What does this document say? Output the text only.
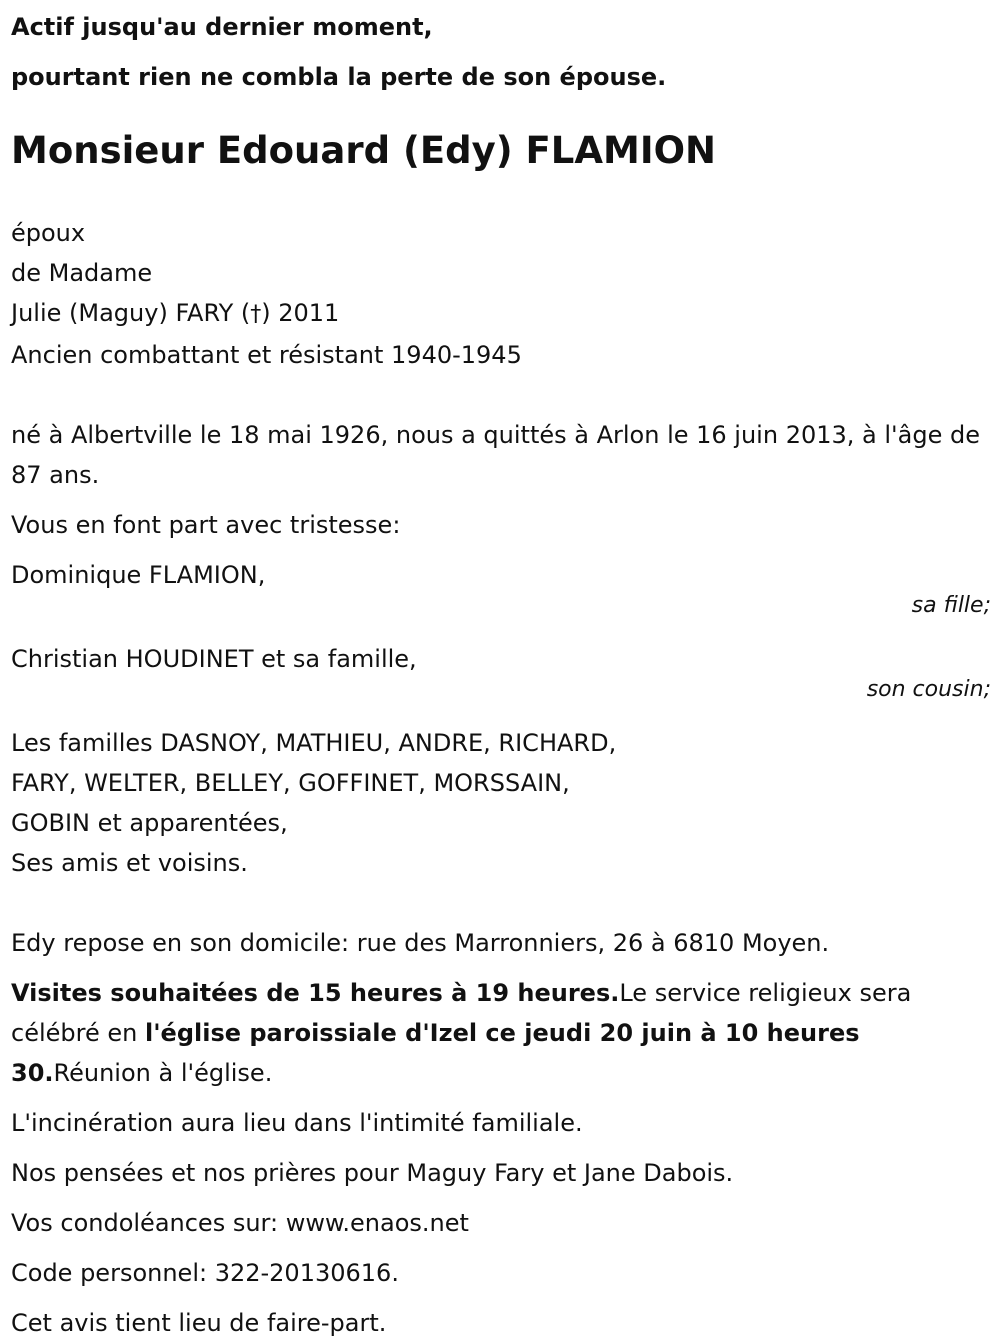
Actif jusqu'au dernier moment,

pourtant rien ne combla la perte de son épouse.

Monsieur Edouard (Edy) FLAMION

époux

de Madame

Julie (Maguy) FARY (†) 2011

Ancien combattant et résistant 1940-1945

né à Albertville le 18 mai 1926, nous a quittés à Arlon le 16 juin 2013, à l'âge de 87 ans.

Vous en font part avec tristesse:

Dominique FLAMION,

sa fille;

Christian HOUDINET et sa famille,

son cousin;

Les familles DASNOY, MATHIEU, ANDRE, RICHARD,

FARY, WELTER, BELLEY, GOFFINET, MORSSAIN,

GOBIN et apparentées,

Ses amis et voisins.

Edy repose en son domicile: rue des Marronniers, 26 à 6810 Moyen.

Visites souhaitées de 15 heures à 19 heures.Le service religieux sera célébré en l'église paroissiale d'Izel ce jeudi 20 juin à 10 heures 30.Réunion à l'église.

L'incinération aura lieu dans l'intimité familiale.

Nos pensées et nos prières pour Maguy Fary et Jane Dabois.

Vos condoléances sur: www.enaos.net

Code personnel: 322-20130616.

Cet avis tient lieu de faire-part.
